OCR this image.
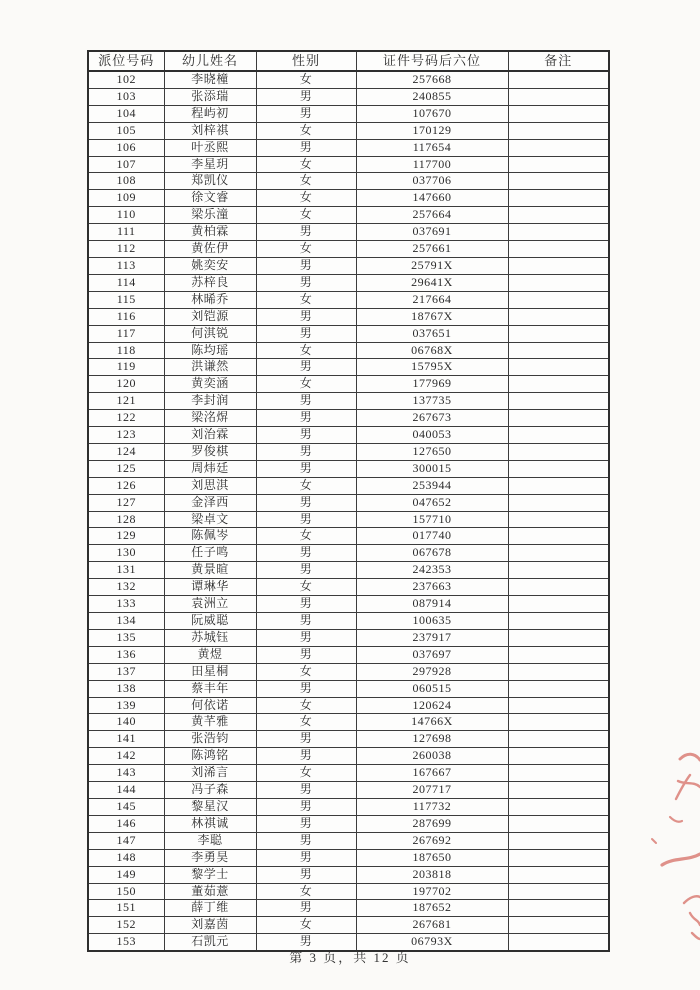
派位号码	幼儿姓名	性别	证件号码后六位	备注
102	李晓橦	女	257668	
103	张添瑞	男	240855	
104	程屿初	男	107670	
105	刘梓祺	女	170129	
106	叶丞熙	男	117654	
107	李星玥	女	117700	
108	郑凯仪	女	037706	
109	徐文睿	女	147660	
110	梁乐潼	女	257664	
111	黄柏霖	男	037691	
112	黄佐伊	女	257661	
113	姚奕安	男	25791X	
114	苏梓良	男	29641X	
115	林晞乔	女	217664	
116	刘铠源	男	18767X	
117	何淇锐	男	037651	
118	陈均瑶	女	06768X	
119	洪谦然	男	15795X	
120	黄奕涵	女	177969	
121	李封润	男	137735	
122	梁洺焺	男	267673	
123	刘治霖	男	040053	
124	罗俊棋	男	127650	
125	周炜廷	男	300015	
126	刘思淇	女	253944	
127	金泽西	男	047652	
128	梁卓文	男	157710	
129	陈佩岑	女	017740	
130	任子鸣	男	067678	
131	黄景暄	男	242353	
132	谭琳华	女	237663	
133	袁洲立	男	087914	
134	阮威聪	男	100635	
135	苏城钰	男	237917	
136	黄煜	男	037697	
137	田星桐	女	297928	
138	蔡丰年	男	060515	
139	何依诺	女	120624	
140	黄芊雅	女	14766X	
141	张浩钧	男	127698	
142	陈鸿铭	男	260038	
143	刘浠言	女	167667	
144	冯子森	男	207717	
145	黎星汉	男	117732	
146	林祺诚	男	287699	
147	李聪	男	267692	
148	李勇昊	男	187650	
149	黎学士	男	203818	
150	董茹薏	女	197702	
151	薛丁维	男	187652	
152	刘嘉茵	女	267681	
153	石凯元	男	06793X	
第 3 页，共 12 页
